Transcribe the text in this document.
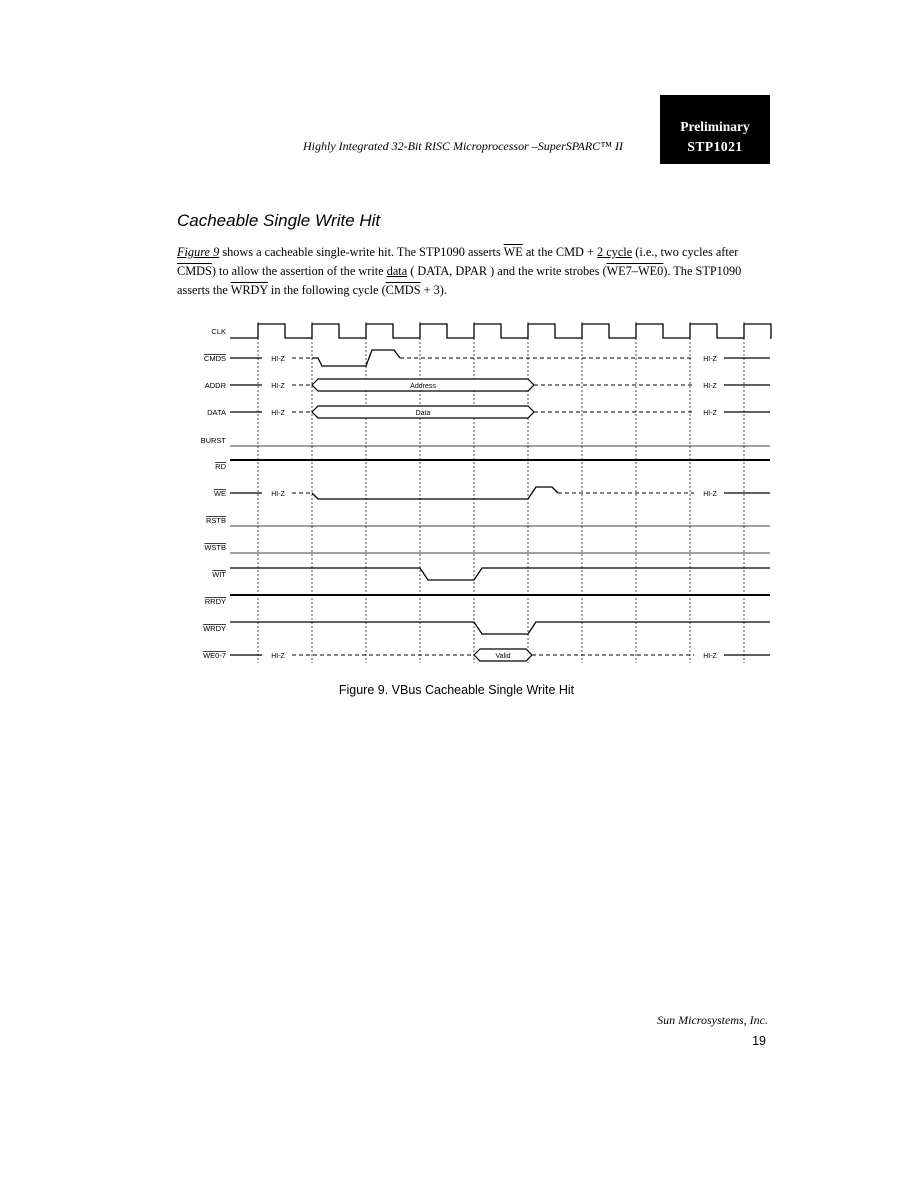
Preliminary
STP1021
Highly Integrated 32-Bit RISC Microprocessor –SuperSPARC™ II
Cacheable Single Write Hit
Figure 9 shows a cacheable single-write hit. The STP1090 asserts $\overline{WE}$ at the CMD + 2 cycle (i.e., two cycles after CMDS) to allow the assertion of the write data ( DATA, DPAR ) and the write strobes (WE7–WE0). The STP1090 asserts the WRDY in the following cycle (CMDS + 3).
CLK
CMDS
ADDR
DATA
BURST
RD
WE
RSTB
WSTB
WIT
RRDY
WRDY
WE0-7
HI-Z	HI-Z
HI-Z	Address	HI-Z
HI-Z	Data	HI-Z
HI-Z	HI-Z
HI-Z	Valid	HI-Z
Figure 9. VBus Cacheable Single Write Hit
Sun Microsystems, Inc.
19
